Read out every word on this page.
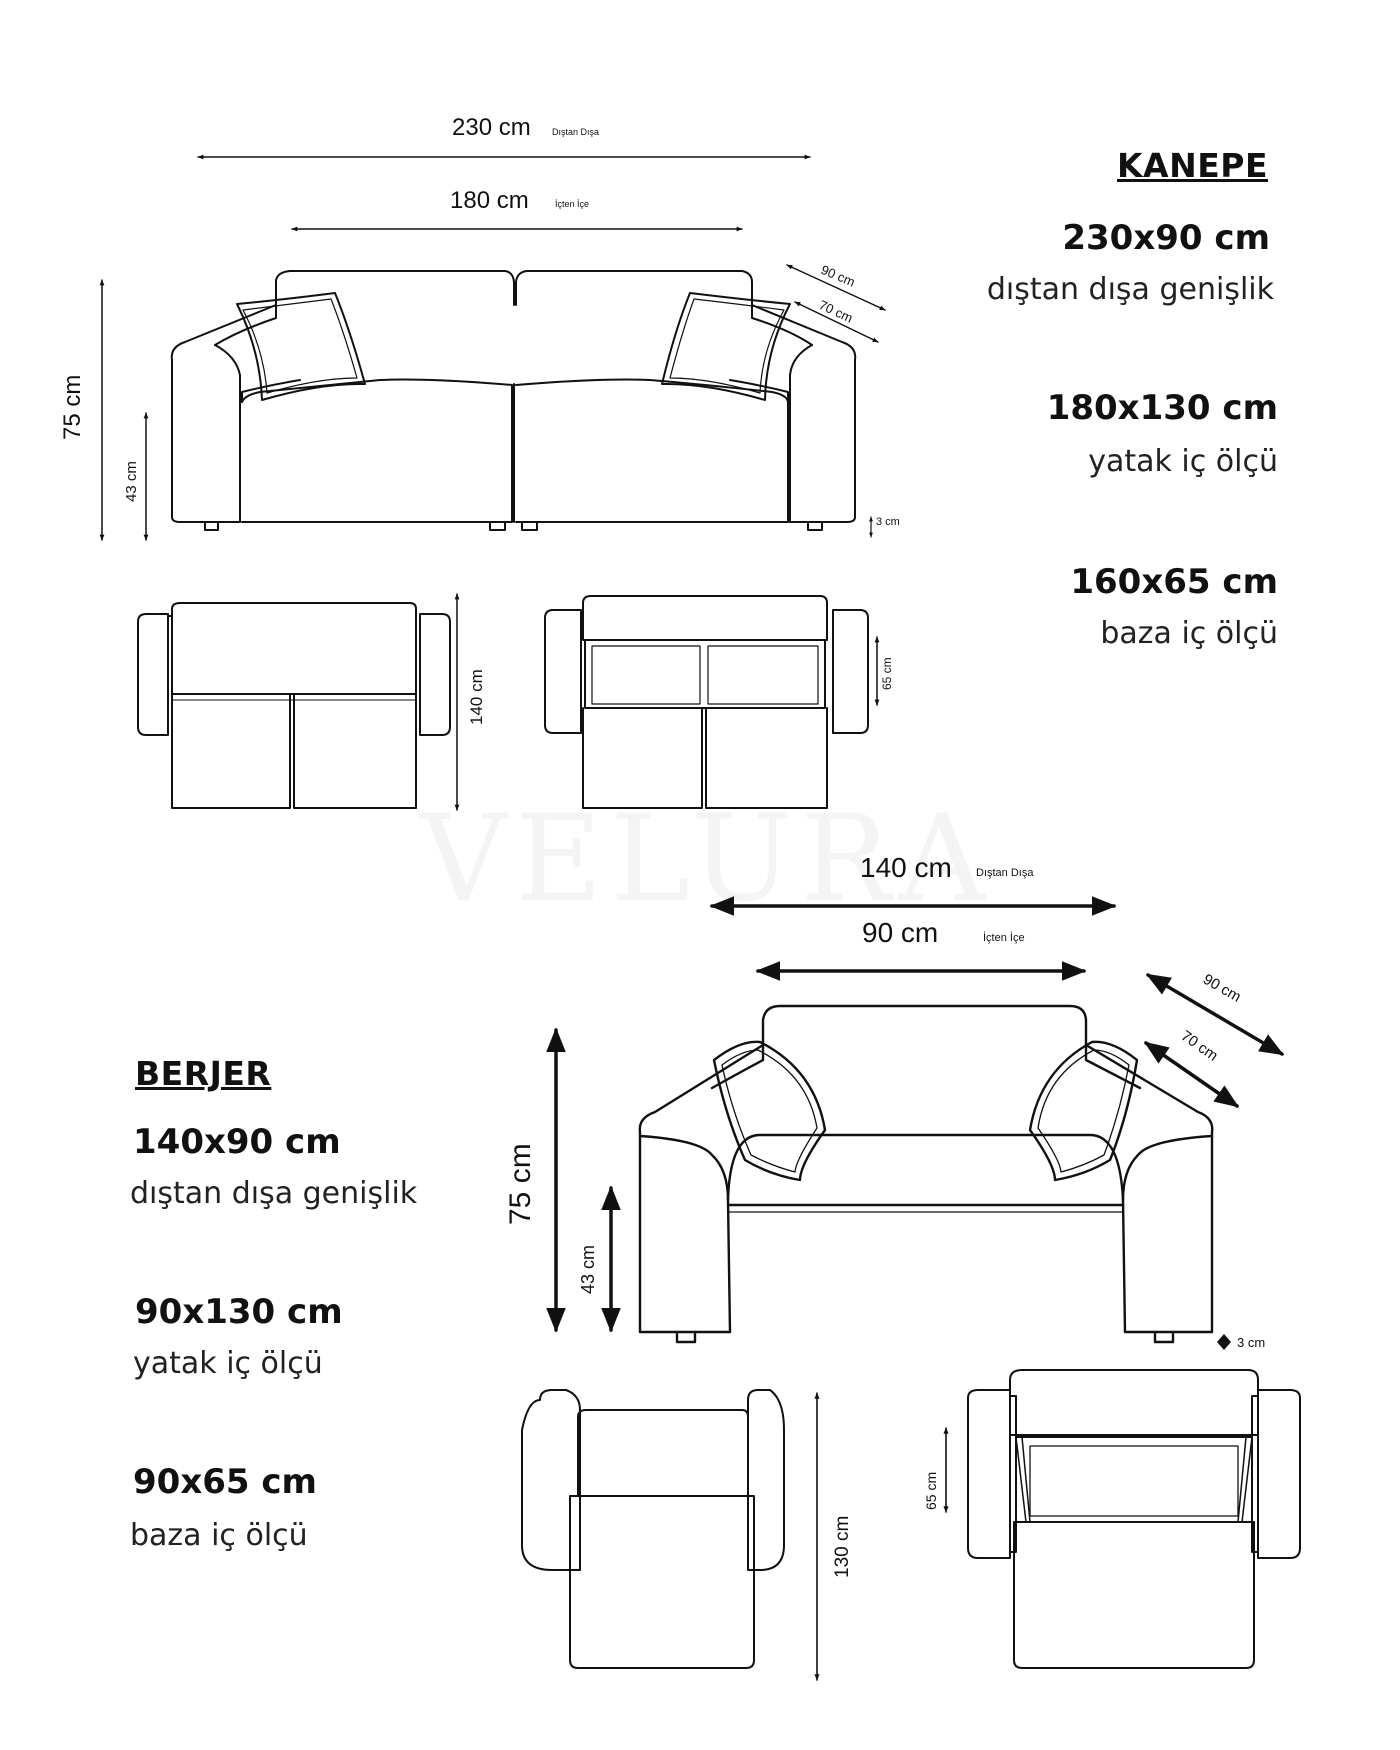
230 cm Dıştan Dışa
180 cm	İçten İçe
75 cm
43 cm
90 cm
70 cm
3 cm
140 cm	65 cm
140 cm Dıştan Dışa
90 cm	İçten İçe
75 cm
43 cm
90 cm
70 cm
3 cm
130 cm
65 cm
KANEPE
230x90 cm
dıştan dışa genişlik
180x130 cm
yatak iç ölçü
160x65 cm
baza iç ölçü
BERJER
140x90 cm
dıştan dışa genişlik
90x130 cm
yatak iç ölçü
90x65 cm
baza iç ölçü
